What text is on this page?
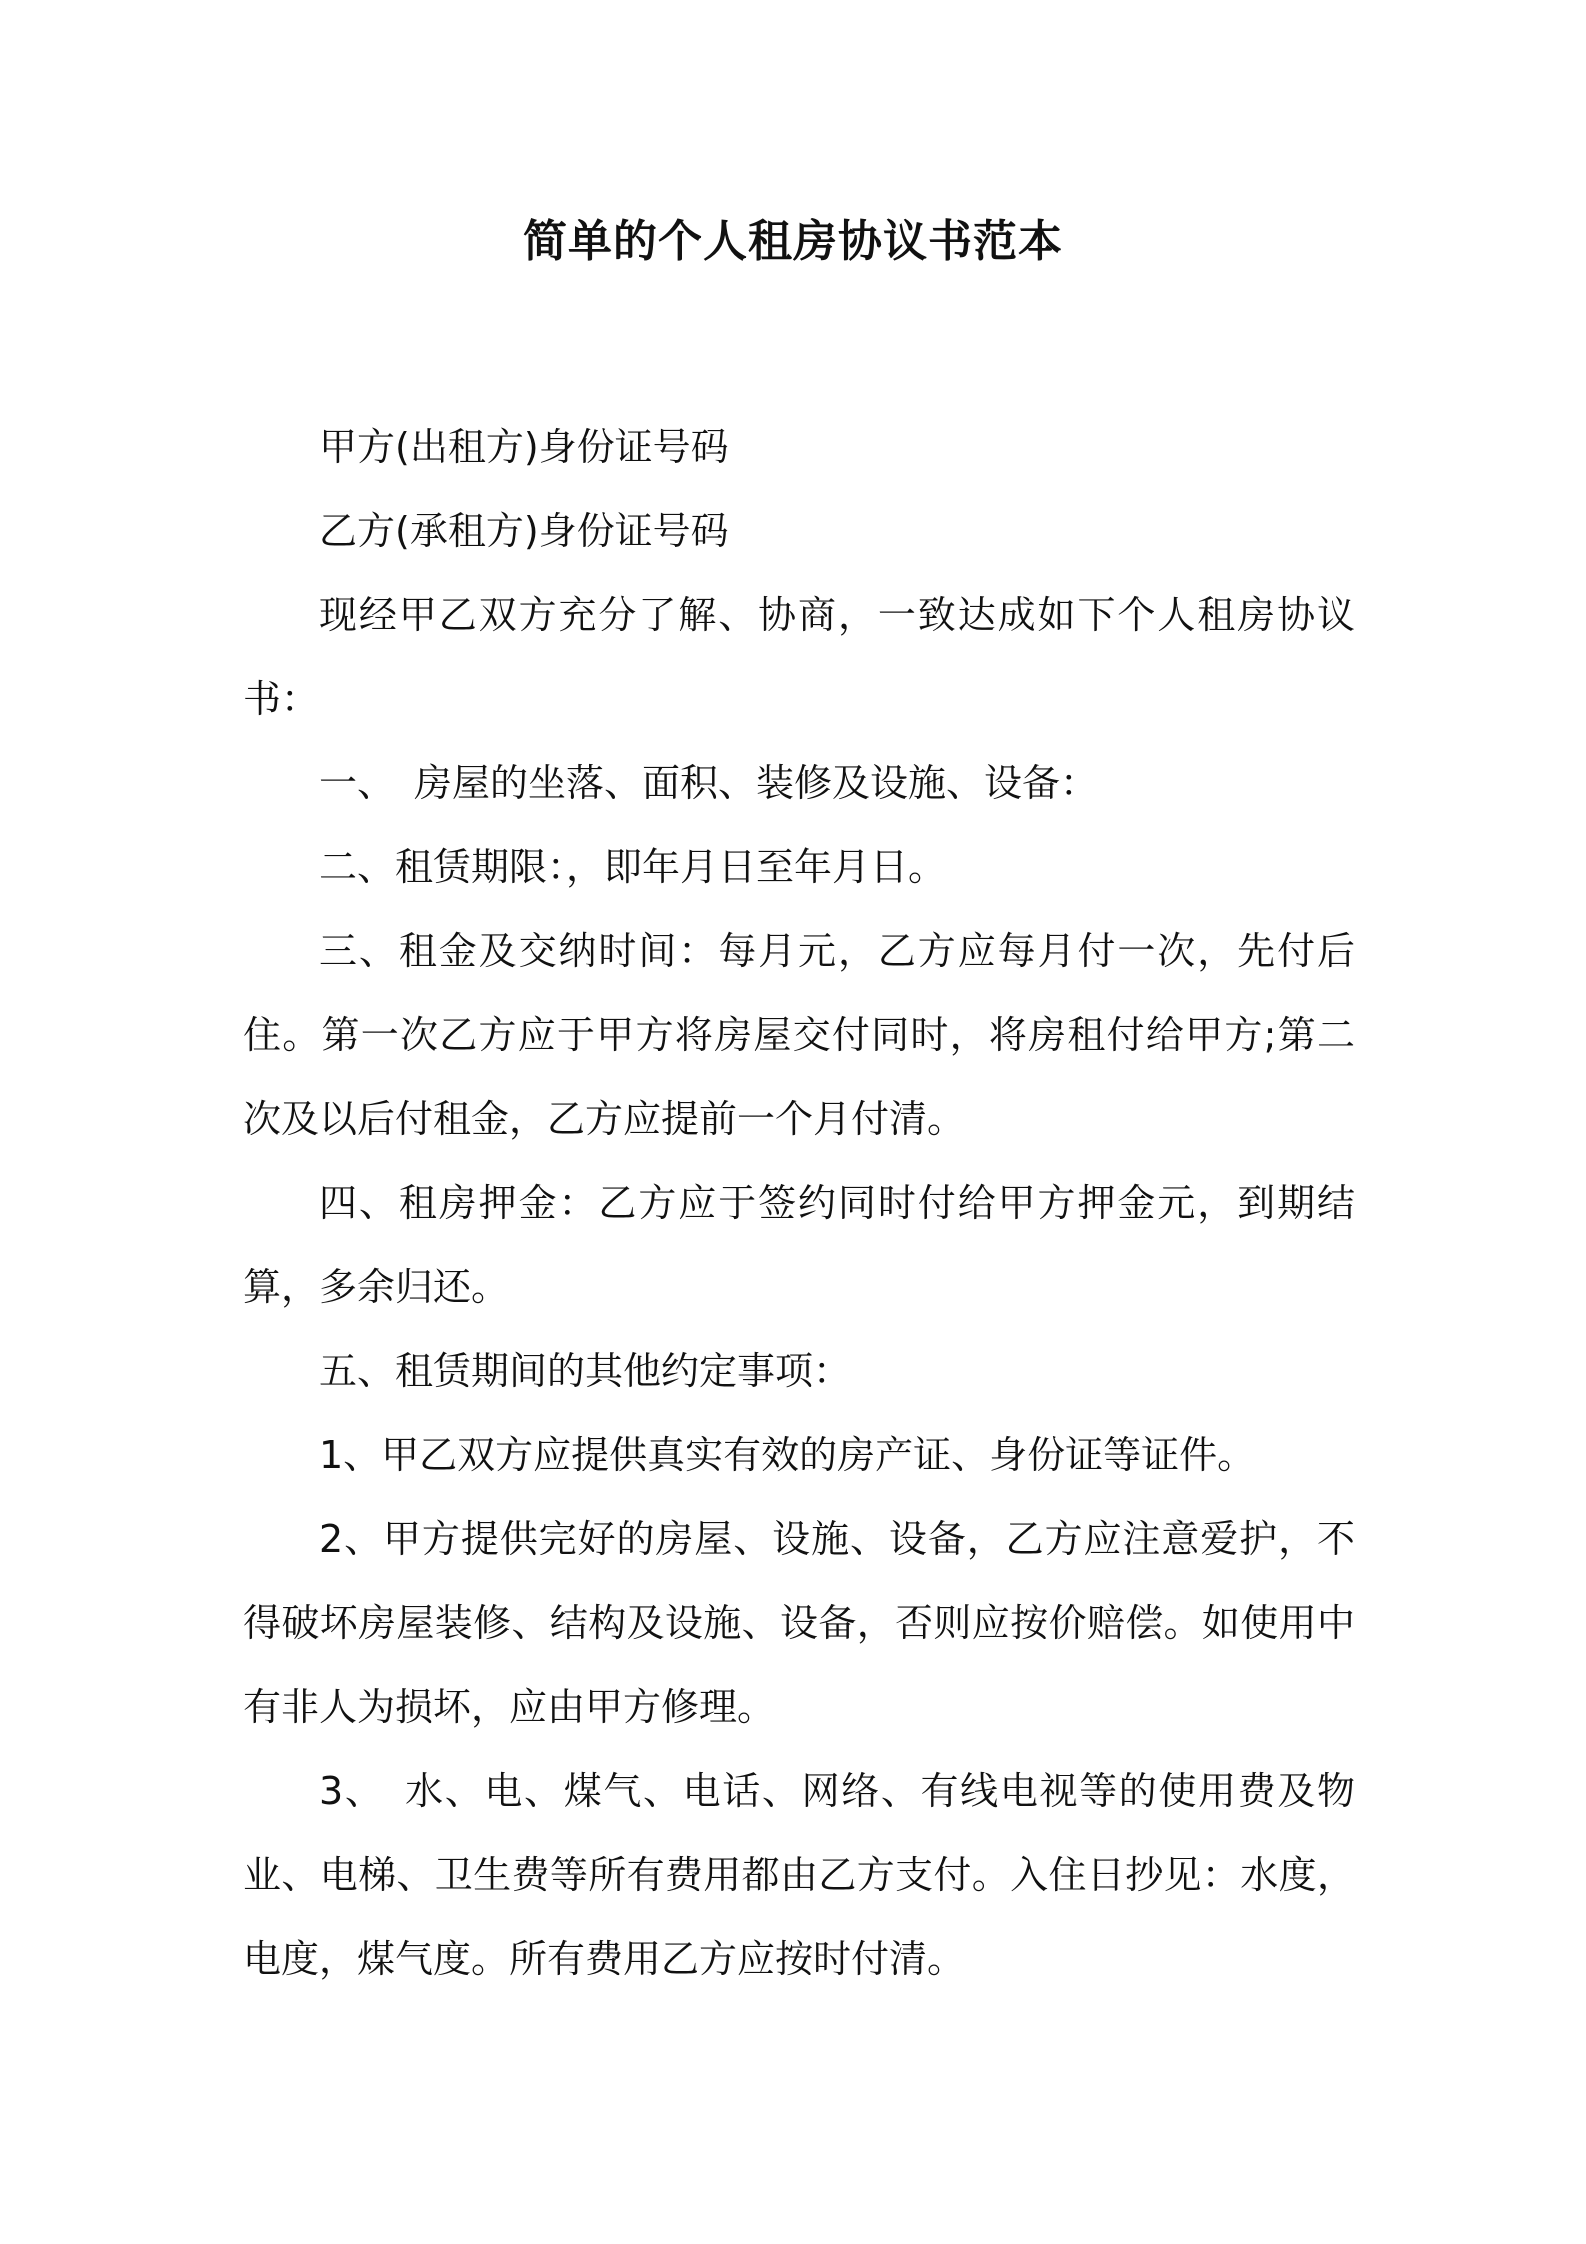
简单的个人租房协议书范本

甲方(出租方)身份证号码

乙方(承租方)身份证号码

现经甲乙双方充分了解、协商，一致达成如下个人租房协议书：

一、　房屋的坐落、面积、装修及设施、设备：

二、租赁期限：，即年月日至年月日。

三、租金及交纳时间：每月元，乙方应每月付一次，先付后住。第一次乙方应于甲方将房屋交付同时，将房租付给甲方;第二次及以后付租金，乙方应提前一个月付清。

四、租房押金：乙方应于签约同时付给甲方押金元，到期结算，多余归还。

五、租赁期间的其他约定事项：

1、甲乙双方应提供真实有效的房产证、身份证等证件。

2、甲方提供完好的房屋、设施、设备，乙方应注意爱护，不得破坏房屋装修、结构及设施、设备，否则应按价赔偿。如使用中有非人为损坏，应由甲方修理。

3、　水、电、煤气、电话、网络、有线电视等的使用费及物业、电梯、卫生费等所有费用都由乙方支付。入住日抄见：水度，电度，煤气度。所有费用乙方应按时付清。
